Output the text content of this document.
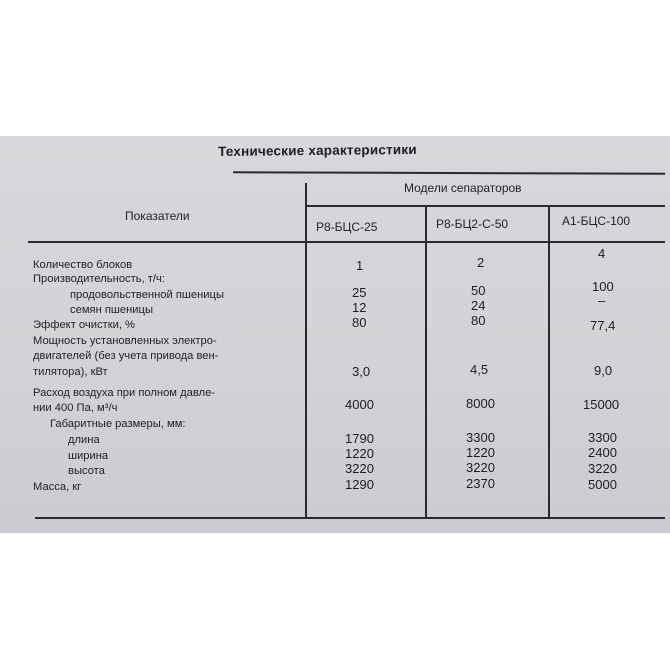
Технические характеристики
Показатели
Модели сепараторов
Р8-БЦС-25	Р8-БЦ2-С-50	А1-БЦС-100
Количество блоков
Производительность, т/ч:
продовольственной пшеницы
семян пшеницы
Эффект очистки, %
Мощность установленных электро-
двигателей (без учета привода вен-
тилятора), кВт
Расход воздуха при полном давле-
нии 400 Па, м³/ч
Габаритные размеры, мм:
длина
ширина
высота
Масса, кг
1
25
12
80
3,0
4000
1790
1220
3220
1290
2
50
24
80
4,5
8000
3300
1220
3220
2370
4
100
–
77,4
9,0
15000
3300
2400
3220
5000
